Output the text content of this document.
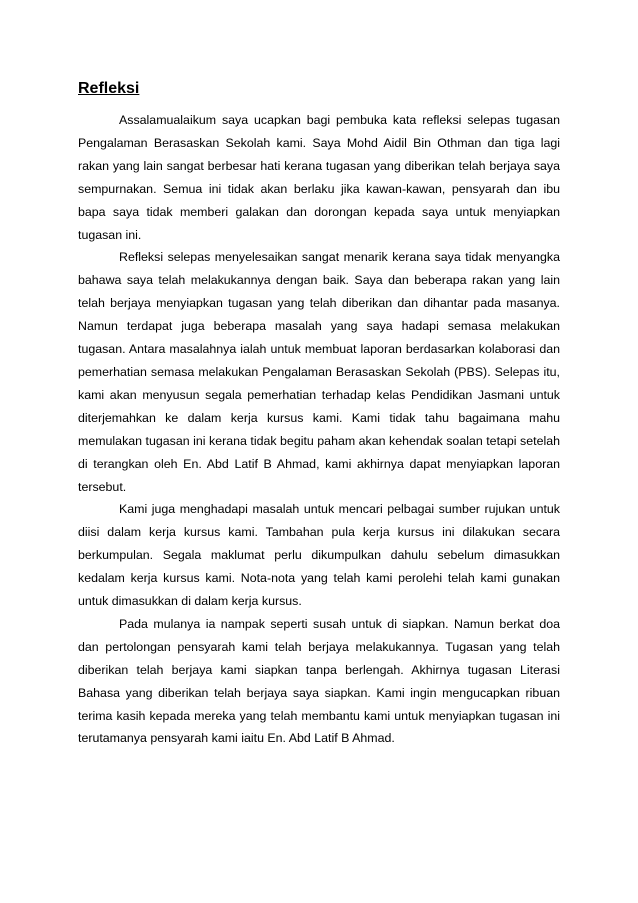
Refleksi

Assalamualaikum saya ucapkan bagi pembuka kata refleksi selepas tugasan Pengalaman Berasaskan Sekolah kami. Saya Mohd Aidil Bin Othman dan tiga lagi rakan yang lain sangat berbesar hati kerana tugasan yang diberikan telah berjaya saya sempurnakan. Semua ini tidak akan berlaku jika kawan-kawan, pensyarah dan ibu bapa saya tidak memberi galakan dan dorongan kepada saya untuk menyiapkan tugasan ini.

Refleksi selepas menyelesaikan sangat menarik kerana saya tidak menyangka bahawa saya telah melakukannya dengan baik. Saya dan beberapa rakan yang lain telah berjaya menyiapkan tugasan yang telah diberikan dan dihantar pada masanya. Namun terdapat juga beberapa masalah yang saya hadapi semasa melakukan tugasan. Antara masalahnya ialah untuk membuat laporan berdasarkan kolaborasi dan pemerhatian semasa melakukan Pengalaman Berasaskan Sekolah (PBS). Selepas itu, kami akan menyusun segala pemerhatian terhadap kelas Pendidikan Jasmani untuk diterjemahkan ke dalam kerja kursus kami. Kami tidak tahu bagaimana mahu memulakan tugasan ini kerana tidak begitu paham akan kehendak soalan tetapi setelah di terangkan oleh En. Abd Latif B Ahmad, kami akhirnya dapat menyiapkan laporan tersebut.

Kami juga menghadapi masalah untuk mencari pelbagai sumber rujukan untuk diisi dalam kerja kursus kami. Tambahan pula kerja kursus ini dilakukan secara berkumpulan. Segala maklumat perlu dikumpulkan dahulu sebelum dimasukkan kedalam kerja kursus kami. Nota-nota yang telah kami perolehi telah kami gunakan untuk dimasukkan di dalam kerja kursus.

Pada mulanya ia nampak seperti susah untuk di siapkan. Namun berkat doa dan pertolongan pensyarah kami telah berjaya melakukannya. Tugasan yang telah diberikan telah berjaya kami siapkan tanpa berlengah. Akhirnya tugasan Literasi Bahasa yang diberikan telah berjaya saya siapkan. Kami ingin mengucapkan ribuan terima kasih kepada mereka yang telah membantu kami untuk menyiapkan tugasan ini terutamanya pensyarah kami iaitu En. Abd Latif B Ahmad.
